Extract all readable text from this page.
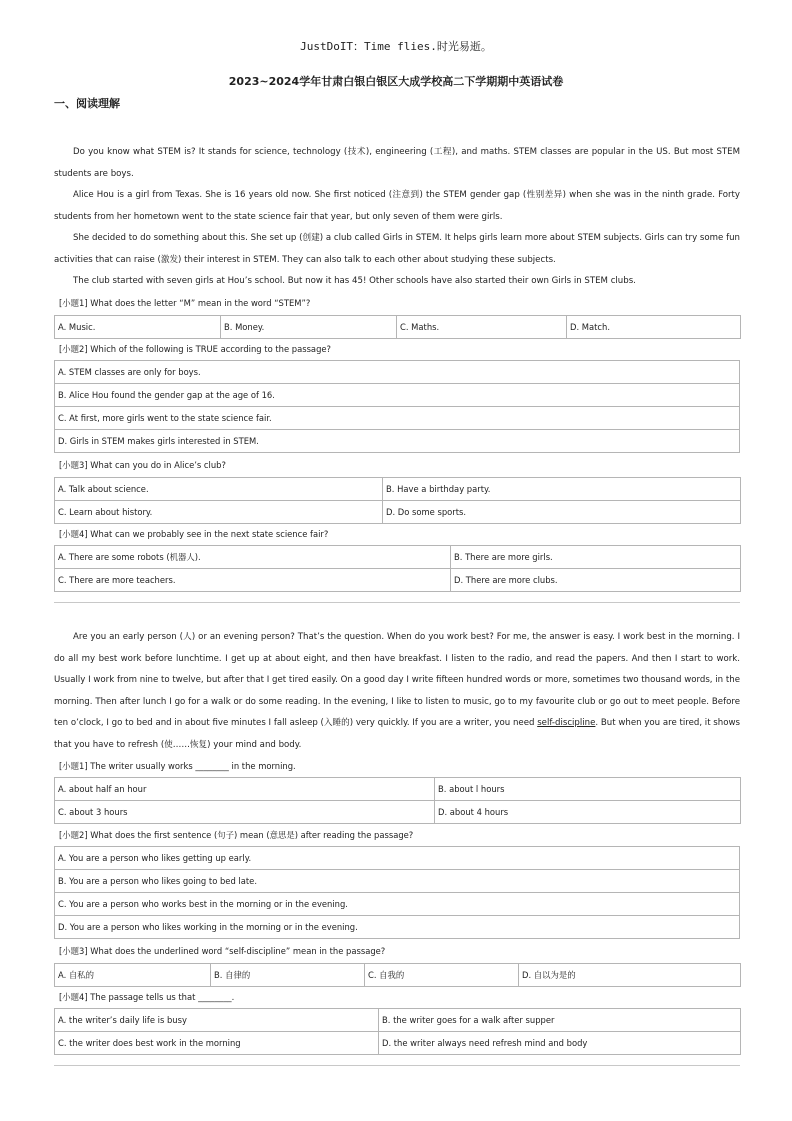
JustDoIT：Time flies.时光易逝。
2023~2024学年甘肃白银白银区大成学校高二下学期期中英语试卷
一、阅读理解

Do you know what STEM is? It stands for science, technology (技术), engineering (工程), and maths. STEM classes are popular in the US. But most STEM students are boys.

Alice Hou is a girl from Texas. She is 16 years old now. She first noticed (注意到) the STEM gender gap (性别差异) when she was in the ninth grade. Forty students from her hometown went to the state science fair that year, but only seven of them were girls.

She decided to do something about this. She set up (创建) a club called Girls in STEM. It helps girls learn more about STEM subjects. Girls can try some fun activities that can raise (激发) their interest in STEM. They can also talk to each other about studying these subjects.

The club started with seven girls at Hou’s school. But now it has 45! Other schools have also started their own Girls in STEM clubs.

[小题1] What does the letter “M” mean in the word “STEM”?
A. Music.	B. Money.	C. Maths.	D. Match.
[小题2] Which of the following is TRUE according to the passage?
A. STEM classes are only for boys.
B. Alice Hou found the gender gap at the age of 16.
C. At first, more girls went to the state science fair.
D. Girls in STEM makes girls interested in STEM.
[小题3] What can you do in Alice’s club?
A. Talk about science.	B. Have a birthday party.
C. Learn about history.	D. Do some sports.
[小题4] What can we probably see in the next state science fair?
A. There are some robots (机器人).	B. There are more girls.
C. There are more teachers.	D. There are more clubs.

Are you an early person (人) or an evening person? That’s the question. When do you work best? For me, the answer is easy. I work best in the morning. I do all my best work before lunchtime. I get up at about eight, and then have breakfast. I listen to the radio, and read the papers. And then I start to work. Usually I work from nine to twelve, but after that I get tired easily. On a good day I write fifteen hundred words or more, sometimes two thousand words, in the morning. Then after lunch I go for a walk or do some reading. In the evening, I like to listen to music, go to my favourite club or go out to meet people. Before ten o’clock, I go to bed and in about five minutes I fall asleep (入睡的) very quickly. If you are a writer, you need self-discipline. But when you are tired, it shows that you have to refresh (使……恢复) your mind and body.

[小题1] The writer usually works ________ in the morning.
A. about half an hour	B. about l hours
C. about 3 hours	D. about 4 hours
[小题2] What does the first sentence (句子) mean (意思是) after reading the passage?
A. You are a person who likes getting up early.
B. You are a person who likes going to bed late.
C. You are a person who works best in the morning or in the evening.
D. You are a person who likes working in the morning or in the evening.
[小题3] What does the underlined word “self-discipline” mean in the passage?
A. 自私的	B. 自律的	C. 自我的	D. 自以为是的
[小题4] The passage tells us that ________.
A. the writer’s daily life is busy	B. the writer goes for a walk after supper
C. the writer does best work in the morning	D. the writer always need refresh mind and body
